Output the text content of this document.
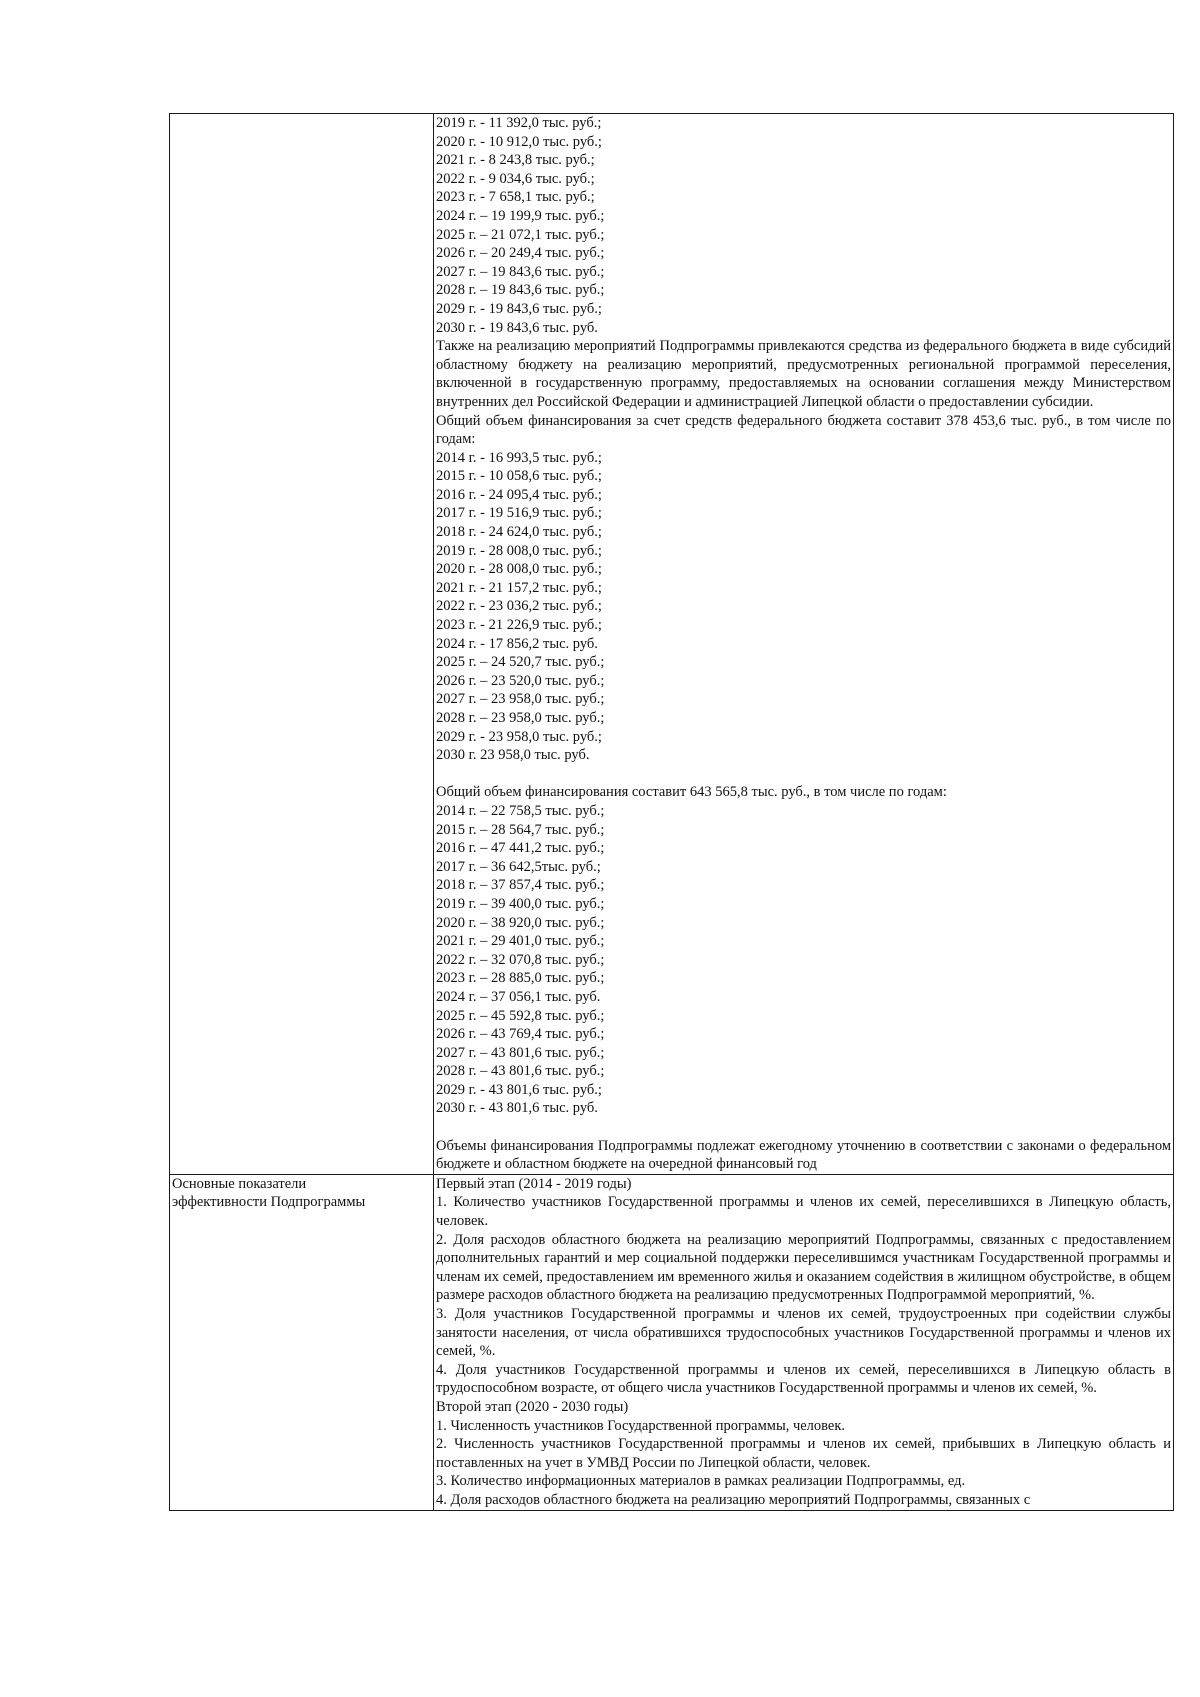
2019 г. - 11 392,0 тыс. руб.;
2020 г. - 10 912,0 тыс. руб.;
2021 г. - 8 243,8 тыс. руб.;
2022 г. - 9 034,6 тыс. руб.;
2023 г. - 7 658,1 тыс. руб.;
2024 г. – 19 199,9 тыс. руб.;
2025 г. – 21 072,1 тыс. руб.;
2026 г. – 20 249,4 тыс. руб.;
2027 г. – 19 843,6 тыс. руб.;
2028 г. – 19 843,6 тыс. руб.;
2029 г. - 19 843,6 тыс. руб.;
2030 г. - 19 843,6 тыс. руб.
Также на реализацию мероприятий Подпрограммы привлекаются средства из федерального бюджета в виде субсидий областному бюджету на реализацию мероприятий, предусмотренных региональной программой переселения, включенной в государственную программу, предоставляемых на основании соглашения между Министерством внутренних дел Российской Федерации и администрацией Липецкой области о предоставлении субсидии.
Общий объем финансирования за счет средств федерального бюджета составит 378 453,6 тыс. руб., в том числе по годам:
2014 г. - 16 993,5 тыс. руб.;
2015 г. - 10 058,6 тыс. руб.;
2016 г. - 24 095,4 тыс. руб.;
2017 г. - 19 516,9 тыс. руб.;
2018 г. - 24 624,0 тыс. руб.;
2019 г. - 28 008,0 тыс. руб.;
2020 г. - 28 008,0 тыс. руб.;
2021 г. - 21 157,2 тыс. руб.;
2022 г. - 23 036,2 тыс. руб.;
2023 г. - 21 226,9 тыс. руб.;
2024 г. - 17 856,2 тыс. руб.
2025 г. – 24 520,7 тыс. руб.;
2026 г. – 23 520,0 тыс. руб.;
2027 г. – 23 958,0 тыс. руб.;
2028 г. – 23 958,0 тыс. руб.;
2029 г. - 23 958,0 тыс. руб.;
2030 г. 23 958,0 тыс. руб.
Общий объем финансирования составит 643 565,8 тыс. руб., в том числе по годам:
2014 г. – 22 758,5 тыс. руб.;
2015 г. – 28 564,7 тыс. руб.;
2016 г. – 47 441,2 тыс. руб.;
2017 г. – 36 642,5тыс. руб.;
2018 г. – 37 857,4 тыс. руб.;
2019 г. – 39 400,0 тыс. руб.;
2020 г. – 38 920,0 тыс. руб.;
2021 г. – 29 401,0 тыс. руб.;
2022 г. – 32 070,8 тыс. руб.;
2023 г. – 28 885,0 тыс. руб.;
2024 г. – 37 056,1 тыс. руб.
2025 г. – 45 592,8 тыс. руб.;
2026 г. – 43 769,4 тыс. руб.;
2027 г. – 43 801,6 тыс. руб.;
2028 г. – 43 801,6 тыс. руб.;
2029 г. - 43 801,6 тыс. руб.;
2030 г. - 43 801,6 тыс. руб.
Объемы финансирования Подпрограммы подлежат ежегодному уточнению в соответствии с законами о федеральном бюджете и областном бюджете на очередной финансовый год
Основные показатели
эффективности Подпрограммы
Первый этап (2014 - 2019 годы)
1. Количество участников Государственной программы и членов их семей, переселившихся в Липецкую область, человек.
2. Доля расходов областного бюджета на реализацию мероприятий Подпрограммы, связанных с предоставлением дополнительных гарантий и мер социальной поддержки переселившимся участникам Государственной программы и членам их семей, предоставлением им временного жилья и оказанием содействия в жилищном обустройстве, в общем размере расходов областного бюджета на реализацию предусмотренных Подпрограммой мероприятий, %.
3. Доля участников Государственной программы и членов их семей, трудоустроенных при содействии службы занятости населения, от числа обратившихся трудоспособных участников Государственной программы и членов их семей, %.
4. Доля участников Государственной программы и членов их семей, переселившихся в Липецкую область в трудоспособном возрасте, от общего числа участников Государственной программы и членов их семей, %.
Второй этап (2020 - 2030 годы)
1. Численность участников Государственной программы, человек.
2. Численность участников Государственной программы и членов их семей, прибывших в Липецкую область и поставленных на учет в УМВД России по Липецкой области, человек.
3. Количество информационных материалов в рамках реализации Подпрограммы, ед.
4. Доля расходов областного бюджета на реализацию мероприятий Подпрограммы, связанных с
